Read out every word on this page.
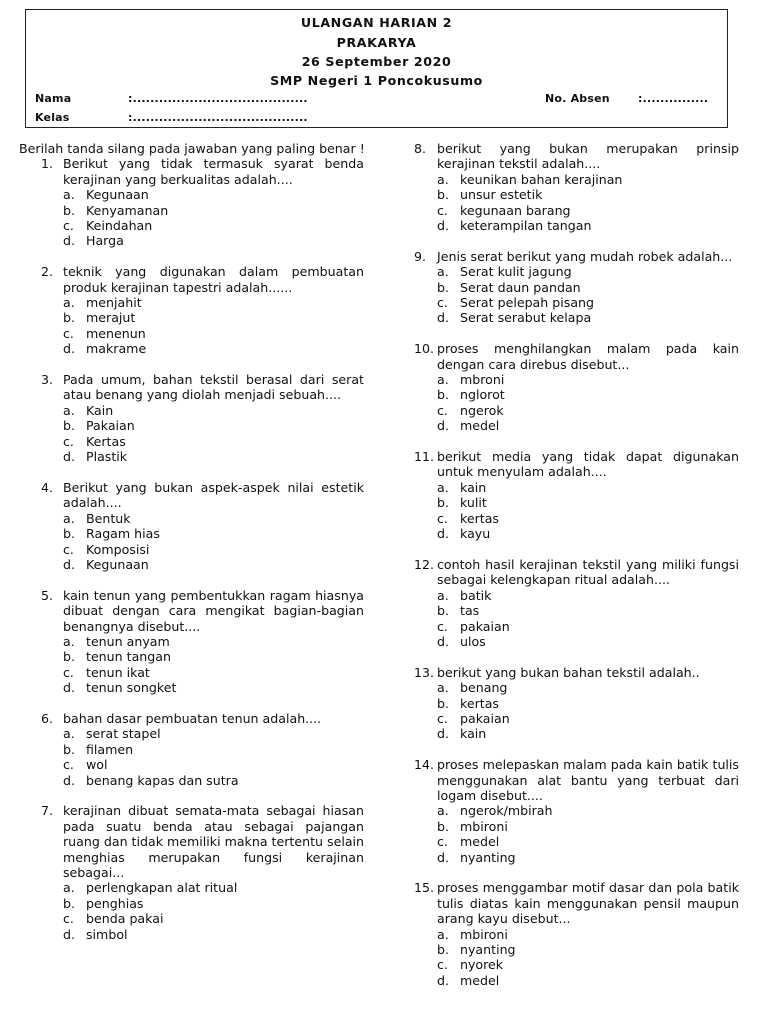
ULANGAN HARIAN 2
PRAKARYA
26 September 2020
SMP Negeri 1 Poncokusumo
Nama	:........................................	No. Absen	:...............
Kelas	:........................................

Berilah tanda silang pada jawaban yang paling benar !

1. Berikut yang tidak termasuk syarat benda kerajinan yang berkualitas adalah....
a. Kegunaan
b. Kenyamanan
c. Keindahan
d. Harga
2. teknik yang digunakan dalam pembuatan produk kerajinan tapestri adalah......
a. menjahit
b. merajut
c. menenun
d. makrame
3. Pada umum, bahan tekstil berasal dari serat atau benang yang diolah menjadi sebuah....
a. Kain
b. Pakaian
c. Kertas
d. Plastik
4. Berikut yang bukan aspek-aspek nilai estetik adalah....
a. Bentuk
b. Ragam hias
c. Komposisi
d. Kegunaan
5. kain tenun yang pembentukkan ragam hiasnya dibuat dengan cara mengikat bagian-bagian benangnya disebut....
a. tenun anyam
b. tenun tangan
c. tenun ikat
d. tenun songket
6. bahan dasar pembuatan tenun adalah....
a. serat stapel
b. filamen
c. wol
d. benang kapas dan sutra
7. kerajinan dibuat semata-mata sebagai hiasan pada suatu benda atau sebagai pajangan ruang dan tidak memiliki makna tertentu selain menghias merupakan fungsi kerajinan sebagai...
a. perlengkapan alat ritual
b. penghias
c. benda pakai
d. simbol
8. berikut yang bukan merupakan prinsip kerajinan tekstil adalah....
a. keunikan bahan kerajinan
b. unsur estetik
c. kegunaan barang
d. keterampilan tangan
9. Jenis serat berikut yang mudah robek adalah...
a. Serat kulit jagung
b. Serat daun pandan
c. Serat pelepah pisang
d. Serat serabut kelapa
10. proses menghilangkan malam pada kain dengan cara direbus disebut...
a. mbroni
b. nglorot
c. ngerok
d. medel
11. berikut media yang tidak dapat digunakan untuk menyulam adalah....
a. kain
b. kulit
c. kertas
d. kayu
12. contoh hasil kerajinan tekstil yang miliki fungsi sebagai kelengkapan ritual adalah....
a. batik
b. tas
c. pakaian
d. ulos
13. berikut yang bukan bahan tekstil adalah..
a. benang
b. kertas
c. pakaian
d. kain
14. proses melepaskan malam pada kain batik tulis menggunakan alat bantu yang terbuat dari logam disebut....
a. ngerok/mbirah
b. mbironi
c. medel
d. nyanting
15. proses menggambar motif dasar dan pola batik tulis diatas kain menggunakan pensil maupun arang kayu disebut...
a. mbironi
b. nyanting
c. nyorek
d. medel
